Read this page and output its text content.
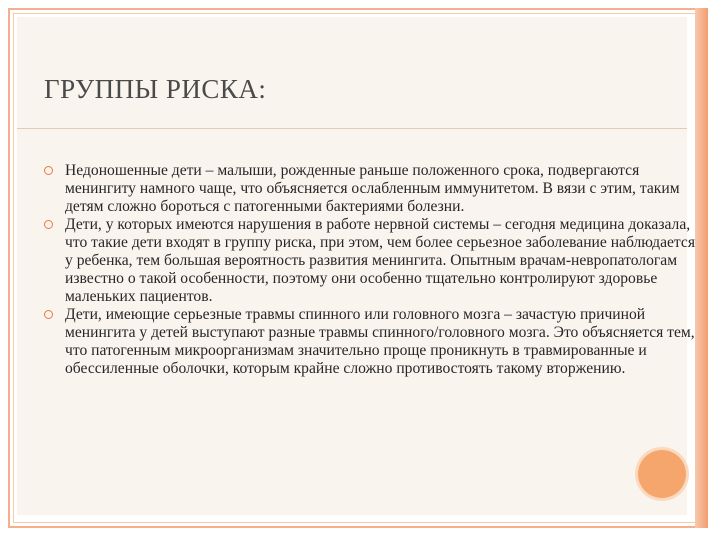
ГРУППЫ РИСКА:
Недоношенные дети – малыши, рожденные раньше положенного срока, подвергаются менингиту намного чаще, что объясняется ослабленным иммунитетом. В вязи с этим, таким детям сложно бороться с патогенными бактериями болезни.
Дети, у которых имеются нарушения в работе нервной системы – сегодня медицина доказала, что такие дети входят в группу риска, при этом, чем более серьезное заболевание наблюдается у ребенка, тем большая вероятность развития менингита. Опытным врачам-невропатологам известно о такой особенности, поэтому они особенно тщательно контролируют здоровье маленьких пациентов.
Дети, имеющие серьезные травмы спинного или головного мозга – зачастую причиной менингита у детей выступают разные травмы спинного/головного мозга. Это объясняется тем, что патогенным микроорганизмам значительно проще проникнуть в травмированные и обессиленные оболочки, которым крайне сложно противостоять такому вторжению.
